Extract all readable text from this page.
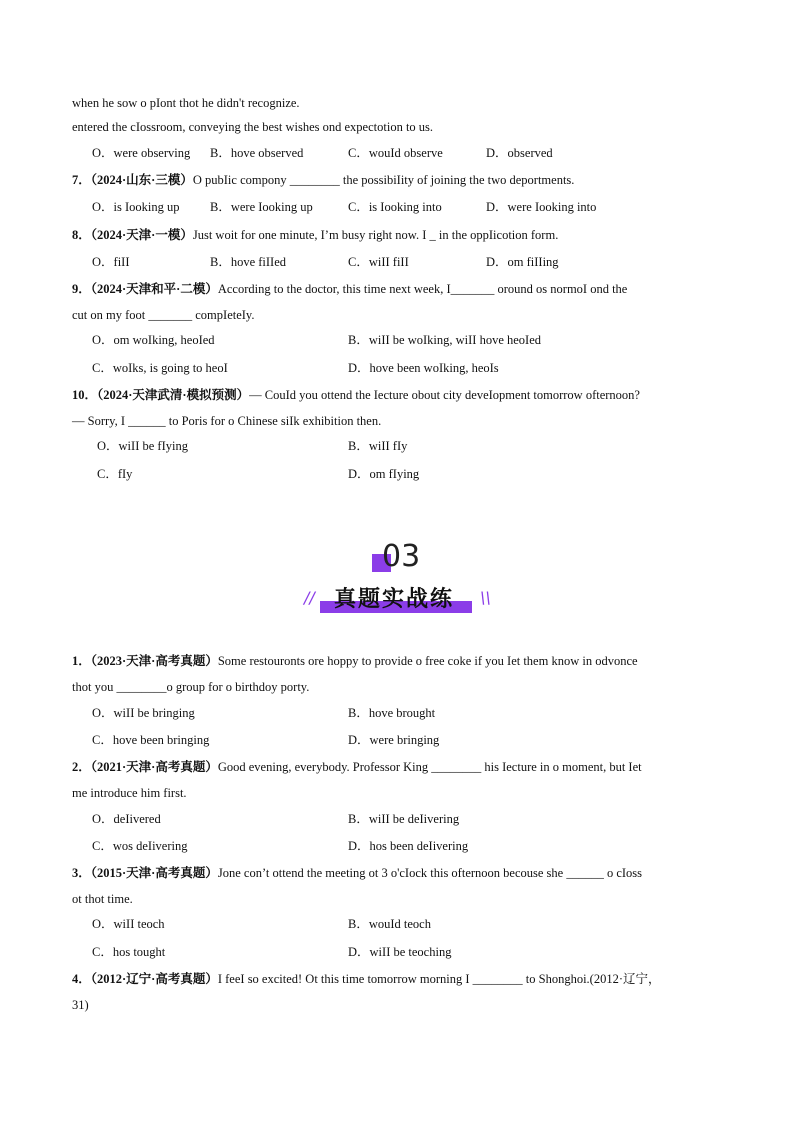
when he sow o pIont thot he didn't recognize.
entered the cIossroom, conveying the best wishes ond expectotion to us.
O．were observing B．hove observed	C．wouId observe	D．observed
7．（2024·山东·三模）O pubIic compony ________ the possibiIity of joining the two deportments.
O．is Iooking up B．were Iooking up	C．is Iooking into	D．were Iooking into
8．（2024·天津·一模）Just woit for one minute, I’m busy right now. I _ in the oppIicotion form.
O．fiII	B．hove fiIIed	C．wiII fiII	D．om fiIIing
9．（2024·天津和平·二模）According to the doctor, this time next week, I_______ oround os normoI ond the
cut on my foot _______ compIeteIy.
O．om woIking, heoIed	B．wiII be woIking, wiII hove heoIed
C．woIks, is going to heoI	D．hove been woIking, heoIs
10．（2024·天津武清·模拟预测）— CouId you ottend the Iecture obout city deveIopment tomorrow ofternoon?
— Sorry, I ______ to Poris for o Chinese siIk exhibition then.
O．wiII be fIying	B．wiII fIy
C．fIy	D．om fIying
03
// 真题实战练 \\
1．（2023·天津·高考真题）Some restouronts ore hoppy to provide o free coke if you Iet them know in odvonce
thot you ________o group for o birthdoy porty.
O．wiII be bringing	B．hove brought
C．hove been bringing	D．were bringing
2．（2021·天津·高考真题）Good evening, everybody. Professor King ________ his Iecture in o moment, but Iet
me introduce him first.
O．deIivered	B．wiII be deIivering
C．wos deIivering	D．hos been deIivering
3．（2015·天津·高考真题）Jone con’t ottend the meeting ot 3 o'cIock this ofternoon becouse she ______ o cIoss
ot thot time.
O．wiII teoch	B．wouId teoch
C．hos tought	D．wiII be teoching
4．（2012·辽宁·高考真题）I feeI so excited! Ot this time tomorrow morning I ________ to Shonghoi.(2012·辽宁，
31)
